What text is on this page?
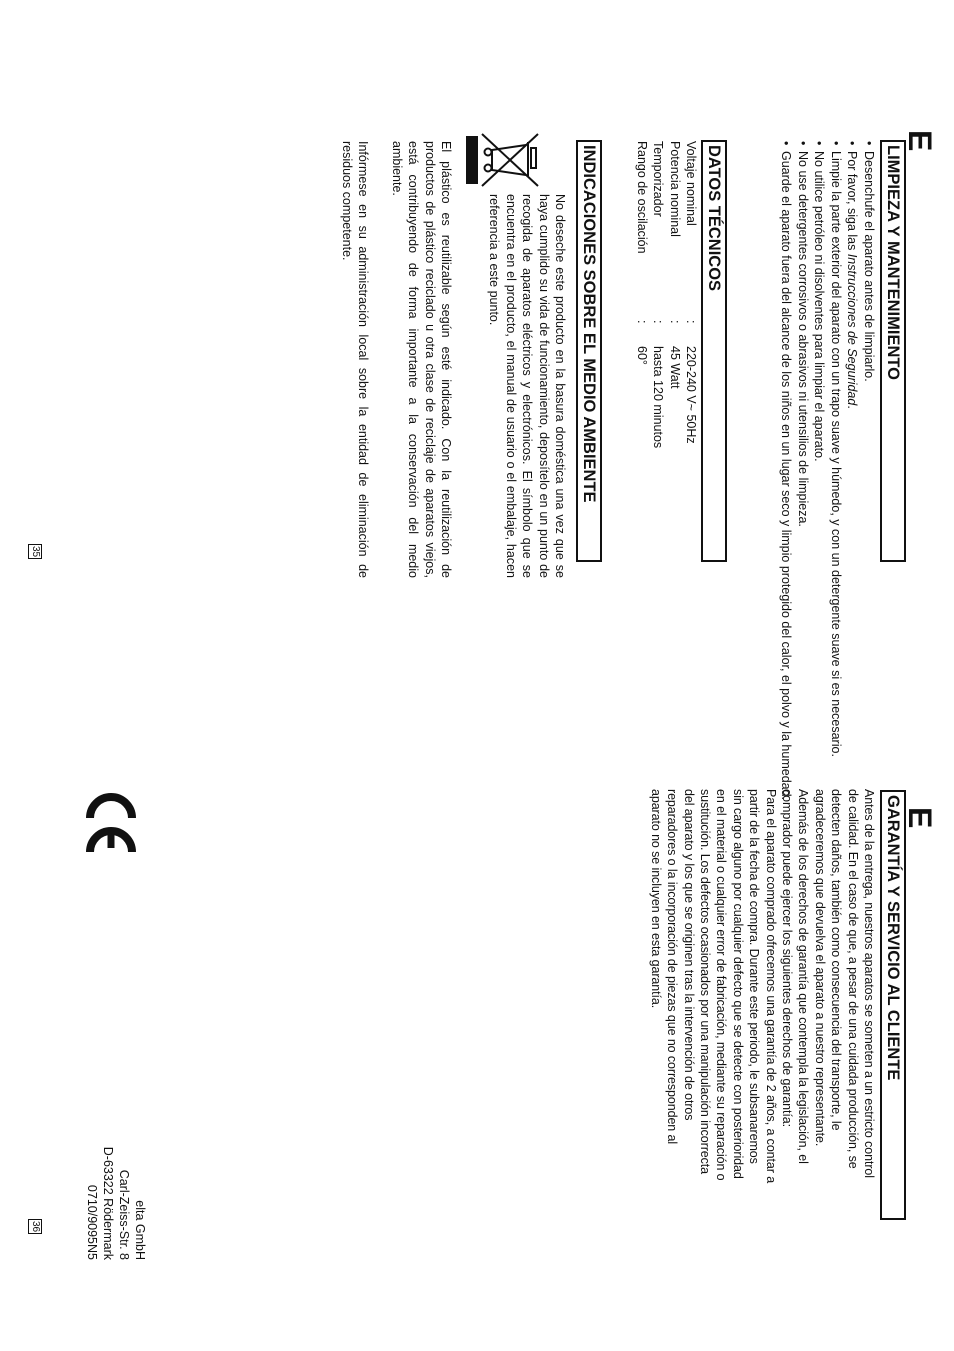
E
LIMPIEZA Y MANTENIMIENTO
• Desenchufe el aparato antes de limpiarlo.
• Por favor, siga las Instrucciones de Seguridad.
• Limpie la parte exterior del aparato con un trapo suave y húmedo, y con un detergente suave si es necesario.
• No utilice petróleo ni disolventes para limpiar el aparato.
• No use detergentes corrosivos o abrasivos ni utensilios de limpieza.
• Guarde el aparato fuera del alcance de los niños en un lugar seco y limpio protegido del calor, el polvo y la humedad.
DATOS TÉCNICOS
Voltaje nominal
:
220-240 V~ 50Hz
Potencia nominal
:
45 Watt
Temporizador
:
hasta 120 minutos
Rango de oscilación
:
60°
INDICACIONES SOBRE EL MEDIO AMBIENTE

No deseche este producto en la basura doméstica una vez que se haya cumplido su vida de funcionamiento, deposítelo en un punto de recogida de aparatos eléctricos y electrónicos. El símbolo que se encuentra en el producto, el manual de usuario o el embalaje, hacen referencia a este punto.

El plástico es reutilizable según esté indicado. Con la reutilización de productos de plástico reciclado u otra clase de reciclaje de aparatos viejos, está contribuyendo de forma importante a la conservación del medio ambiente.

Infórmese en su administración local sobre la entidad de eliminación de residuos competente.

35
E
GARANTÍA Y SERVICIO AL CLIENTE

Antes de la entrega, nuestros aparatos se someten a un estricto control
de calidad. En el caso de que, a pesar de una cuidada producción, se
detecten daños, también como consecuencia del transporte, le
agradeceremos que devuelva el aparato a nuestro representante.
Además de los derechos de garantía que contempla la legislación, el
comprador puede ejercer los siguientes derechos de garantía:
Para el aparato comprado ofrecemos una garantía de 2 años, a contar a
partir de la fecha de compra. Durante este periodo, le subsanaremos
sin cargo alguno por cualquier defecto que se detecte con posterioridad
en el material o cualquier error de fabricación, mediante su reparación o
sustitución. Los defectos ocasionados por una manipulación incorrecta
del aparato y los que se originen tras la intervención de otros
reparadores o la incorporación de piezas que no corresponden al
aparato no se incluyen en esta garantía.

36	elta GmbH
Carl-Zeiss-Str. 8
D-63322 Rödermark
0710/9095N5
